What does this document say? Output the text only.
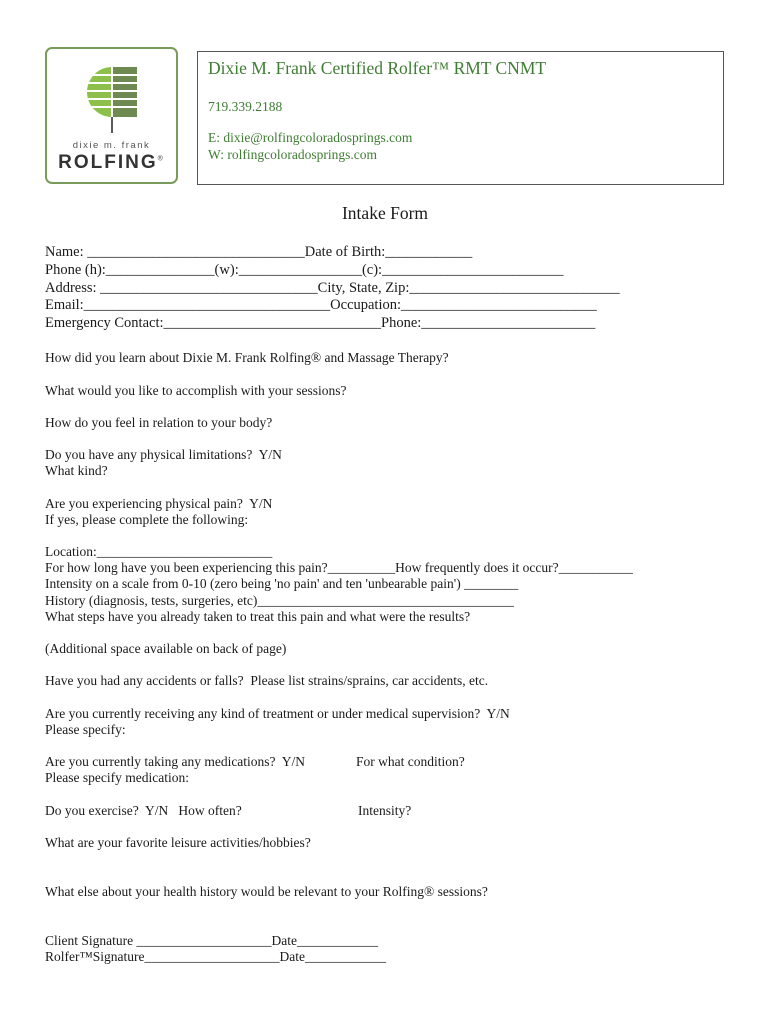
dixie m. frank
ROLFING®
Dixie M. Frank Certified Rolfer™ RMT CNMT
719.339.2188
E: dixie@rolfingcoloradosprings.com
W: rolfingcoloradosprings.com
Intake Form
Name: ______________________________Date of Birth:____________
Phone (h):_______________(w):_________________(c):_________________________
Address: ______________________________City, State, Zip:_____________________________
Email:__________________________________Occupation:___________________________
Emergency Contact:______________________________Phone:________________________
How did you learn about Dixie M. Frank Rolfing® and Massage Therapy?
What would you like to accomplish with your sessions?
How do you feel in relation to your body?
Do you have any physical limitations?  Y/N
What kind?
Are you experiencing physical pain?  Y/N
If yes, please complete the following:
Location:__________________________
For how long have you been experiencing this pain?__________How frequently does it occur?___________
Intensity on a scale from 0-10 (zero being 'no pain' and ten 'unbearable pain') ________
History (diagnosis, tests, surgeries, etc)______________________________________
What steps have you already taken to treat this pain and what were the results?
(Additional space available on back of page)
Have you had any accidents or falls?  Please list strains/sprains, car accidents, etc.
Are you currently receiving any kind of treatment or under medical supervision?  Y/N
Please specify:
Are you currently taking any medications?  Y/N	For what condition?
Please specify medication:
Do you exercise?  Y/N   How often?	Intensity?
What are your favorite leisure activities/hobbies?
What else about your health history would be relevant to your Rolfing® sessions?
Client Signature ____________________Date____________
Rolfer™Signature____________________Date____________
